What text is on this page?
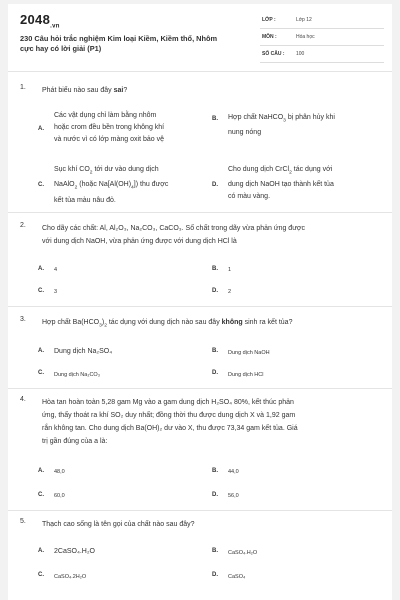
$2048_{.vn}$
230 Câu hỏi trắc nghiệm Kim loại Kiềm, Kiềm thổ, Nhôm
cực hay có lời giải (P1)
LỚP :	Lớp 12
MÔN :	Hóa học
SỐ CÂU : 100
1. Phát biểu nào sau đây sai?
A.
Các vật dụng chỉ làm bằng nhôm
hoặc crom đều bền trong không khí
và nước vì có lớp màng oxit bảo vệ
B. Hợp chất NaHCO$_3$ bị phân hủy khi
nung nóng
C.
Sục khí $CO_2$ tới dư vào dung dịch
NaAlO$_2$ (hoặc $Na[Al(OH)_4]$) thu được
kết tủa màu nâu đỏ.
D.
Cho dung dịch CrCl$_2$ tác dụng với
dung dịch NaOH tạo thành kết tủa
có màu vàng.
2. Cho dãy các chất: Al, Al₂O₃, Na₂CO₃, CaCO₃. Số chất trong dãy vừa phản ứng được
với dung dịch NaOH, vừa phản ứng được với dung dịch HCl là
A. 4	B. 1
C. 3	D. 2
3. Hợp chất $Ba(HCO_3)_2$ tác dụng với dung dịch nào sau đây không sinh ra kết tủa?
A. Dung dịch Na₂SO₄	B. Dung dịch NaOH
C. Dung dịch Na₂CO₃	D. Dung dịch HCl
4. Hòa tan hoàn toàn 5,28 gam Mg vào a gam dung dịch H₂SO₄ 80%, kết thúc phản
ứng, thấy thoát ra khí SO₂ duy nhất; đồng thời thu được dung dịch X và 1,92 gam
rắn không tan. Cho dung dịch Ba(OH)₂ dư vào X, thu được 73,34 gam kết tủa. Giá
trị gần đúng của a là:
A. 48,0	B. 44,0
C. 60,0	D. 56,0
5. Thạch cao sống là tên gọi của chất nào sau đây?
A. 2CaSO₄.H₂O	B. CaSO₄.H₂O
C. CaSO₄.2H₂O	D. CaSO₄
